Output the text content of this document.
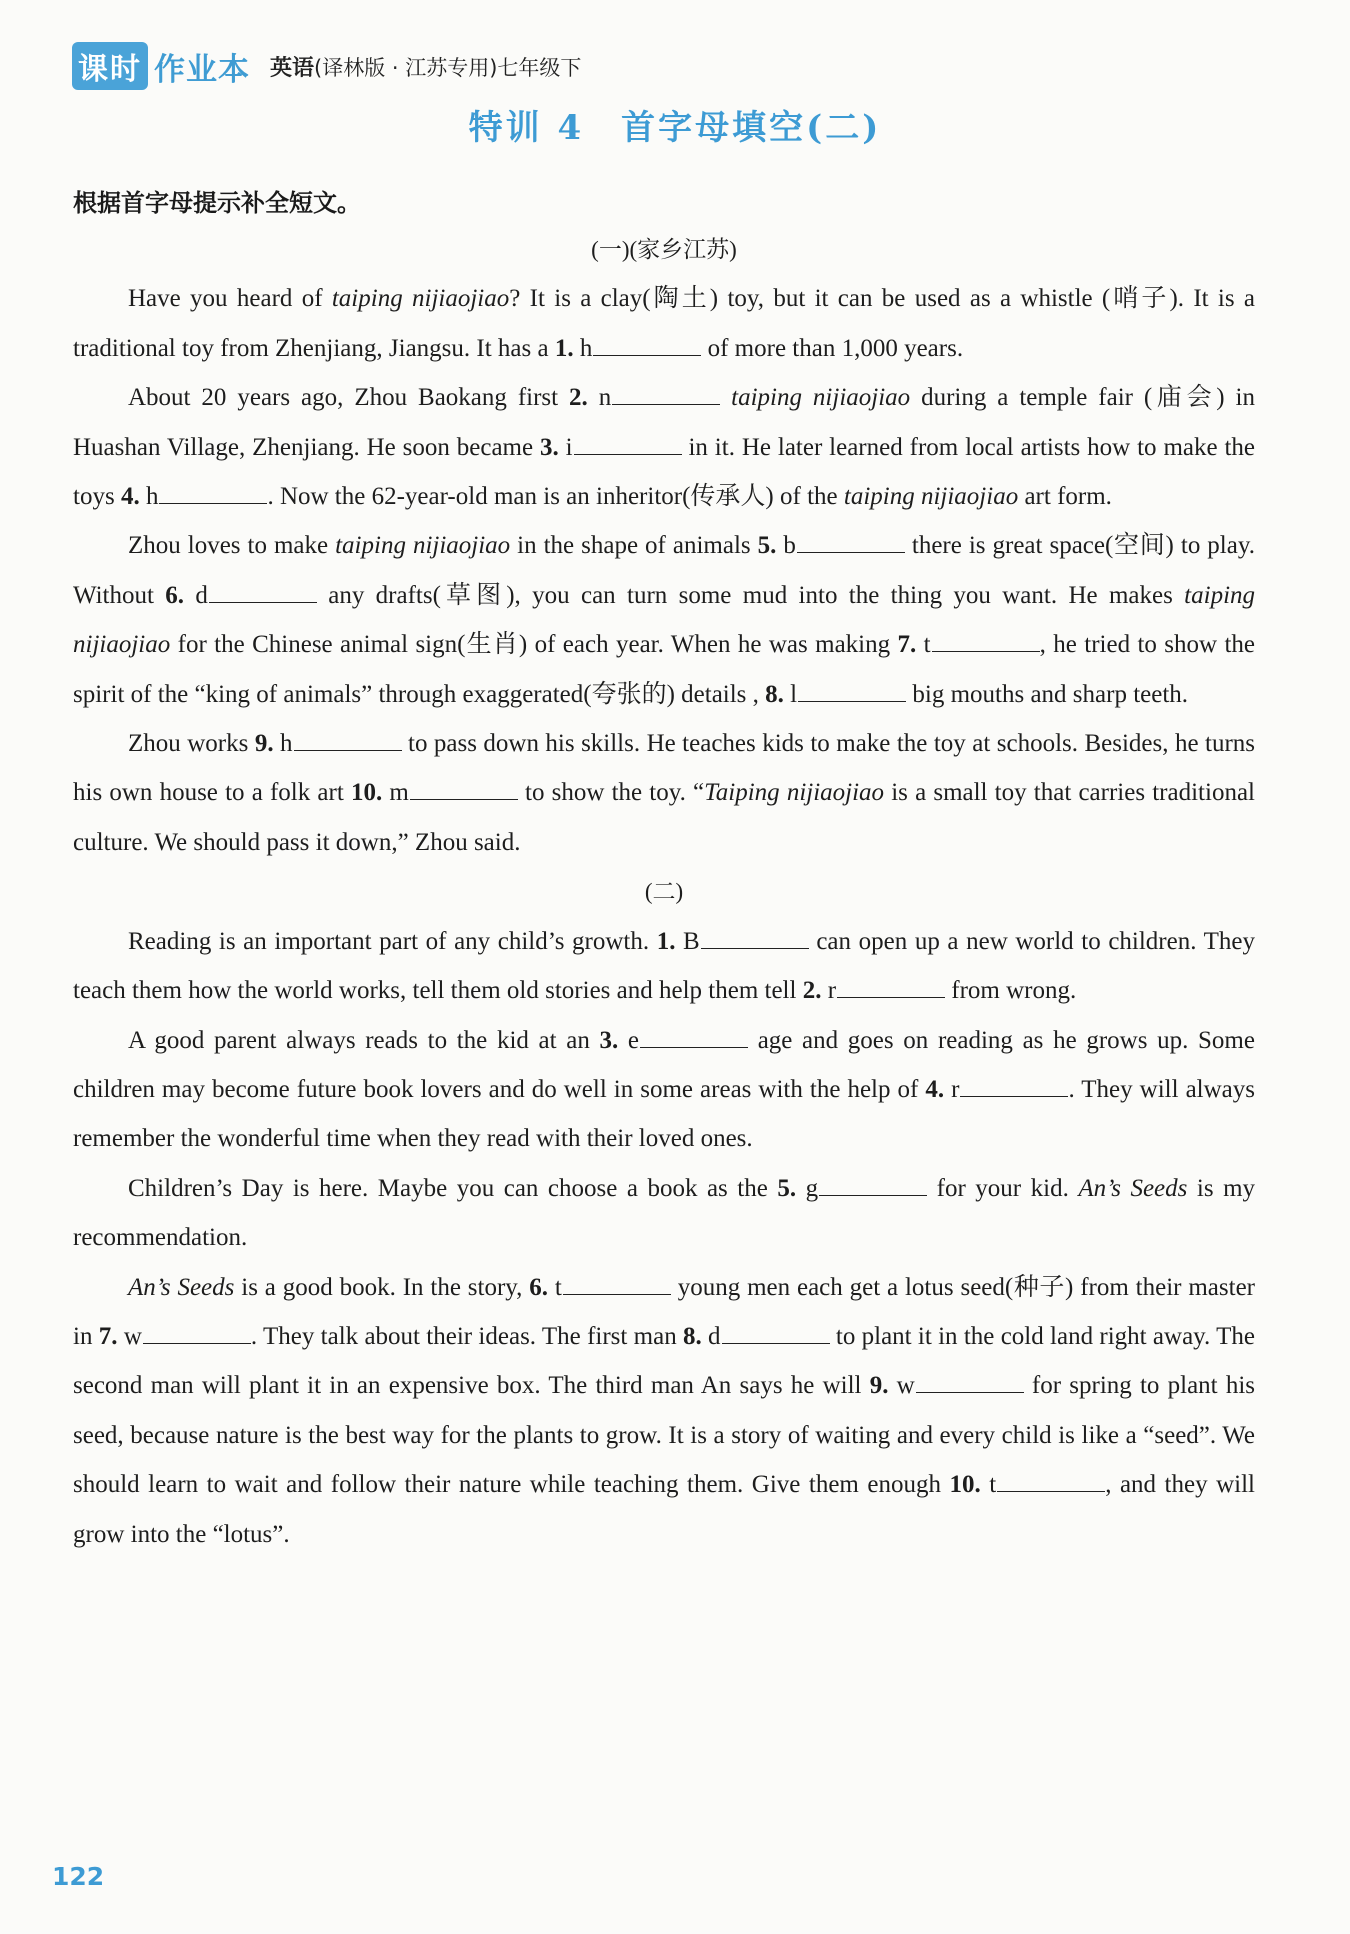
课时 作业本 英语(译林版 · 江苏专用)七年级下
特训 4　首字母填空(二)
根据首字母提示补全短文。
(一)(家乡江苏)

Have you heard of taiping nijiaojiao? It is a clay(陶土) toy, but it can be used as a whistle (哨子). It is a traditional toy from Zhenjiang, Jiangsu. It has a 1. h	of more than 1,000 years.

About 20 years ago, Zhou Baokang first 2. n	taiping nijiaojiao during a temple fair (庙会) in Huashan Village, Zhenjiang. He soon became 3. i	in it. He later learned from local artists how to make the toys 4. h	. Now the 62-year-old man is an inheritor(传承人) of the taiping nijiaojiao art form.

Zhou loves to make taiping nijiaojiao in the shape of animals 5. b	there is great space(空间) to play. Without 6. d	any drafts(草图), you can turn some mud into the thing you want. He makes taiping nijiaojiao for the Chinese animal sign(生肖) of each year. When he was making 7. t	, he tried to show the spirit of the “king of animals” through exaggerated(夸张的) details , 8. l	big mouths and sharp teeth.

Zhou works 9. h	to pass down his skills. He teaches kids to make the toy at schools. Besides, he turns his own house to a folk art 10. m	to show the toy. “Taiping nijiaojiao is a small toy that carries traditional culture. We should pass it down,” Zhou said.

(二)

Reading is an important part of any child’s growth. 1. B	can open up a new world to children. They teach them how the world works, tell them old stories and help them tell 2. r	from wrong.

A good parent always reads to the kid at an 3. e	age and goes on reading as he grows up. Some children may become future book lovers and do well in some areas with the help of 4. r	. They will always remember the wonderful time when they read with their loved ones.

Children’s Day is here. Maybe you can choose a book as the 5. g	for your kid. An’s Seeds is my recommendation.

An’s Seeds is a good book. In the story, 6. t	young men each get a lotus seed(种子) from their master in 7. w	. They talk about their ideas. The first man 8. d	to plant it in the cold land right away. The second man will plant it in an expensive box. The third man An says he will 9. w	for spring to plant his seed, because nature is the best way for the plants to grow. It is a story of waiting and every child is like a “seed”. We should learn to wait and follow their nature while teaching them. Give them enough 10. t	, and they will grow into the “lotus”.

122
